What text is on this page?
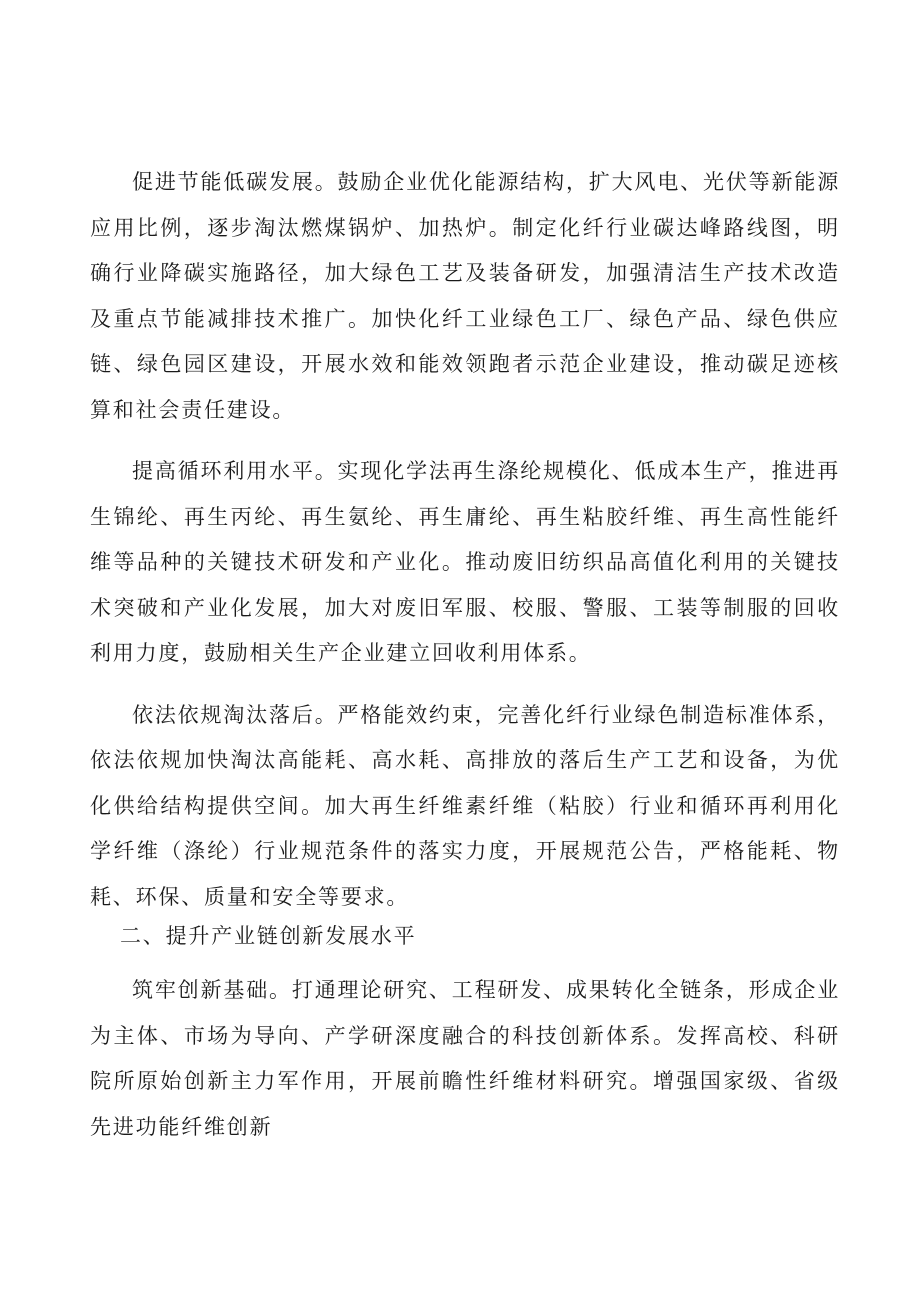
促进节能低碳发展。鼓励企业优化能源结构，扩大风电、光伏等新能源应用比例，逐步淘汰燃煤锅炉、加热炉。制定化纤行业碳达峰路线图，明确行业降碳实施路径，加大绿色工艺及装备研发，加强清洁生产技术改造及重点节能减排技术推广。加快化纤工业绿色工厂、绿色产品、绿色供应链、绿色园区建设，开展水效和能效领跑者示范企业建设，推动碳足迹核算和社会责任建设。

提高循环利用水平。实现化学法再生涤纶规模化、低成本生产，推进再生锦纶、再生丙纶、再生氨纶、再生庸纶、再生粘胶纤维、再生高性能纤维等品种的关键技术研发和产业化。推动废旧纺织品高值化利用的关键技术突破和产业化发展，加大对废旧军服、校服、警服、工装等制服的回收利用力度，鼓励相关生产企业建立回收利用体系。

依法依规淘汰落后。严格能效约束，完善化纤行业绿色制造标准体系，依法依规加快淘汰高能耗、高水耗、高排放的落后生产工艺和设备，为优化供给结构提供空间。加大再生纤维素纤维（粘胶）行业和循环再利用化学纤维（涤纶）行业规范条件的落实力度，开展规范公告，严格能耗、物耗、环保、质量和安全等要求。

二、提升产业链创新发展水平

筑牢创新基础。打通理论研究、工程研发、成果转化全链条，形成企业为主体、市场为导向、产学研深度融合的科技创新体系。发挥高校、科研院所原始创新主力军作用，开展前瞻性纤维材料研究。增强国家级、省级先进功能纤维创新
